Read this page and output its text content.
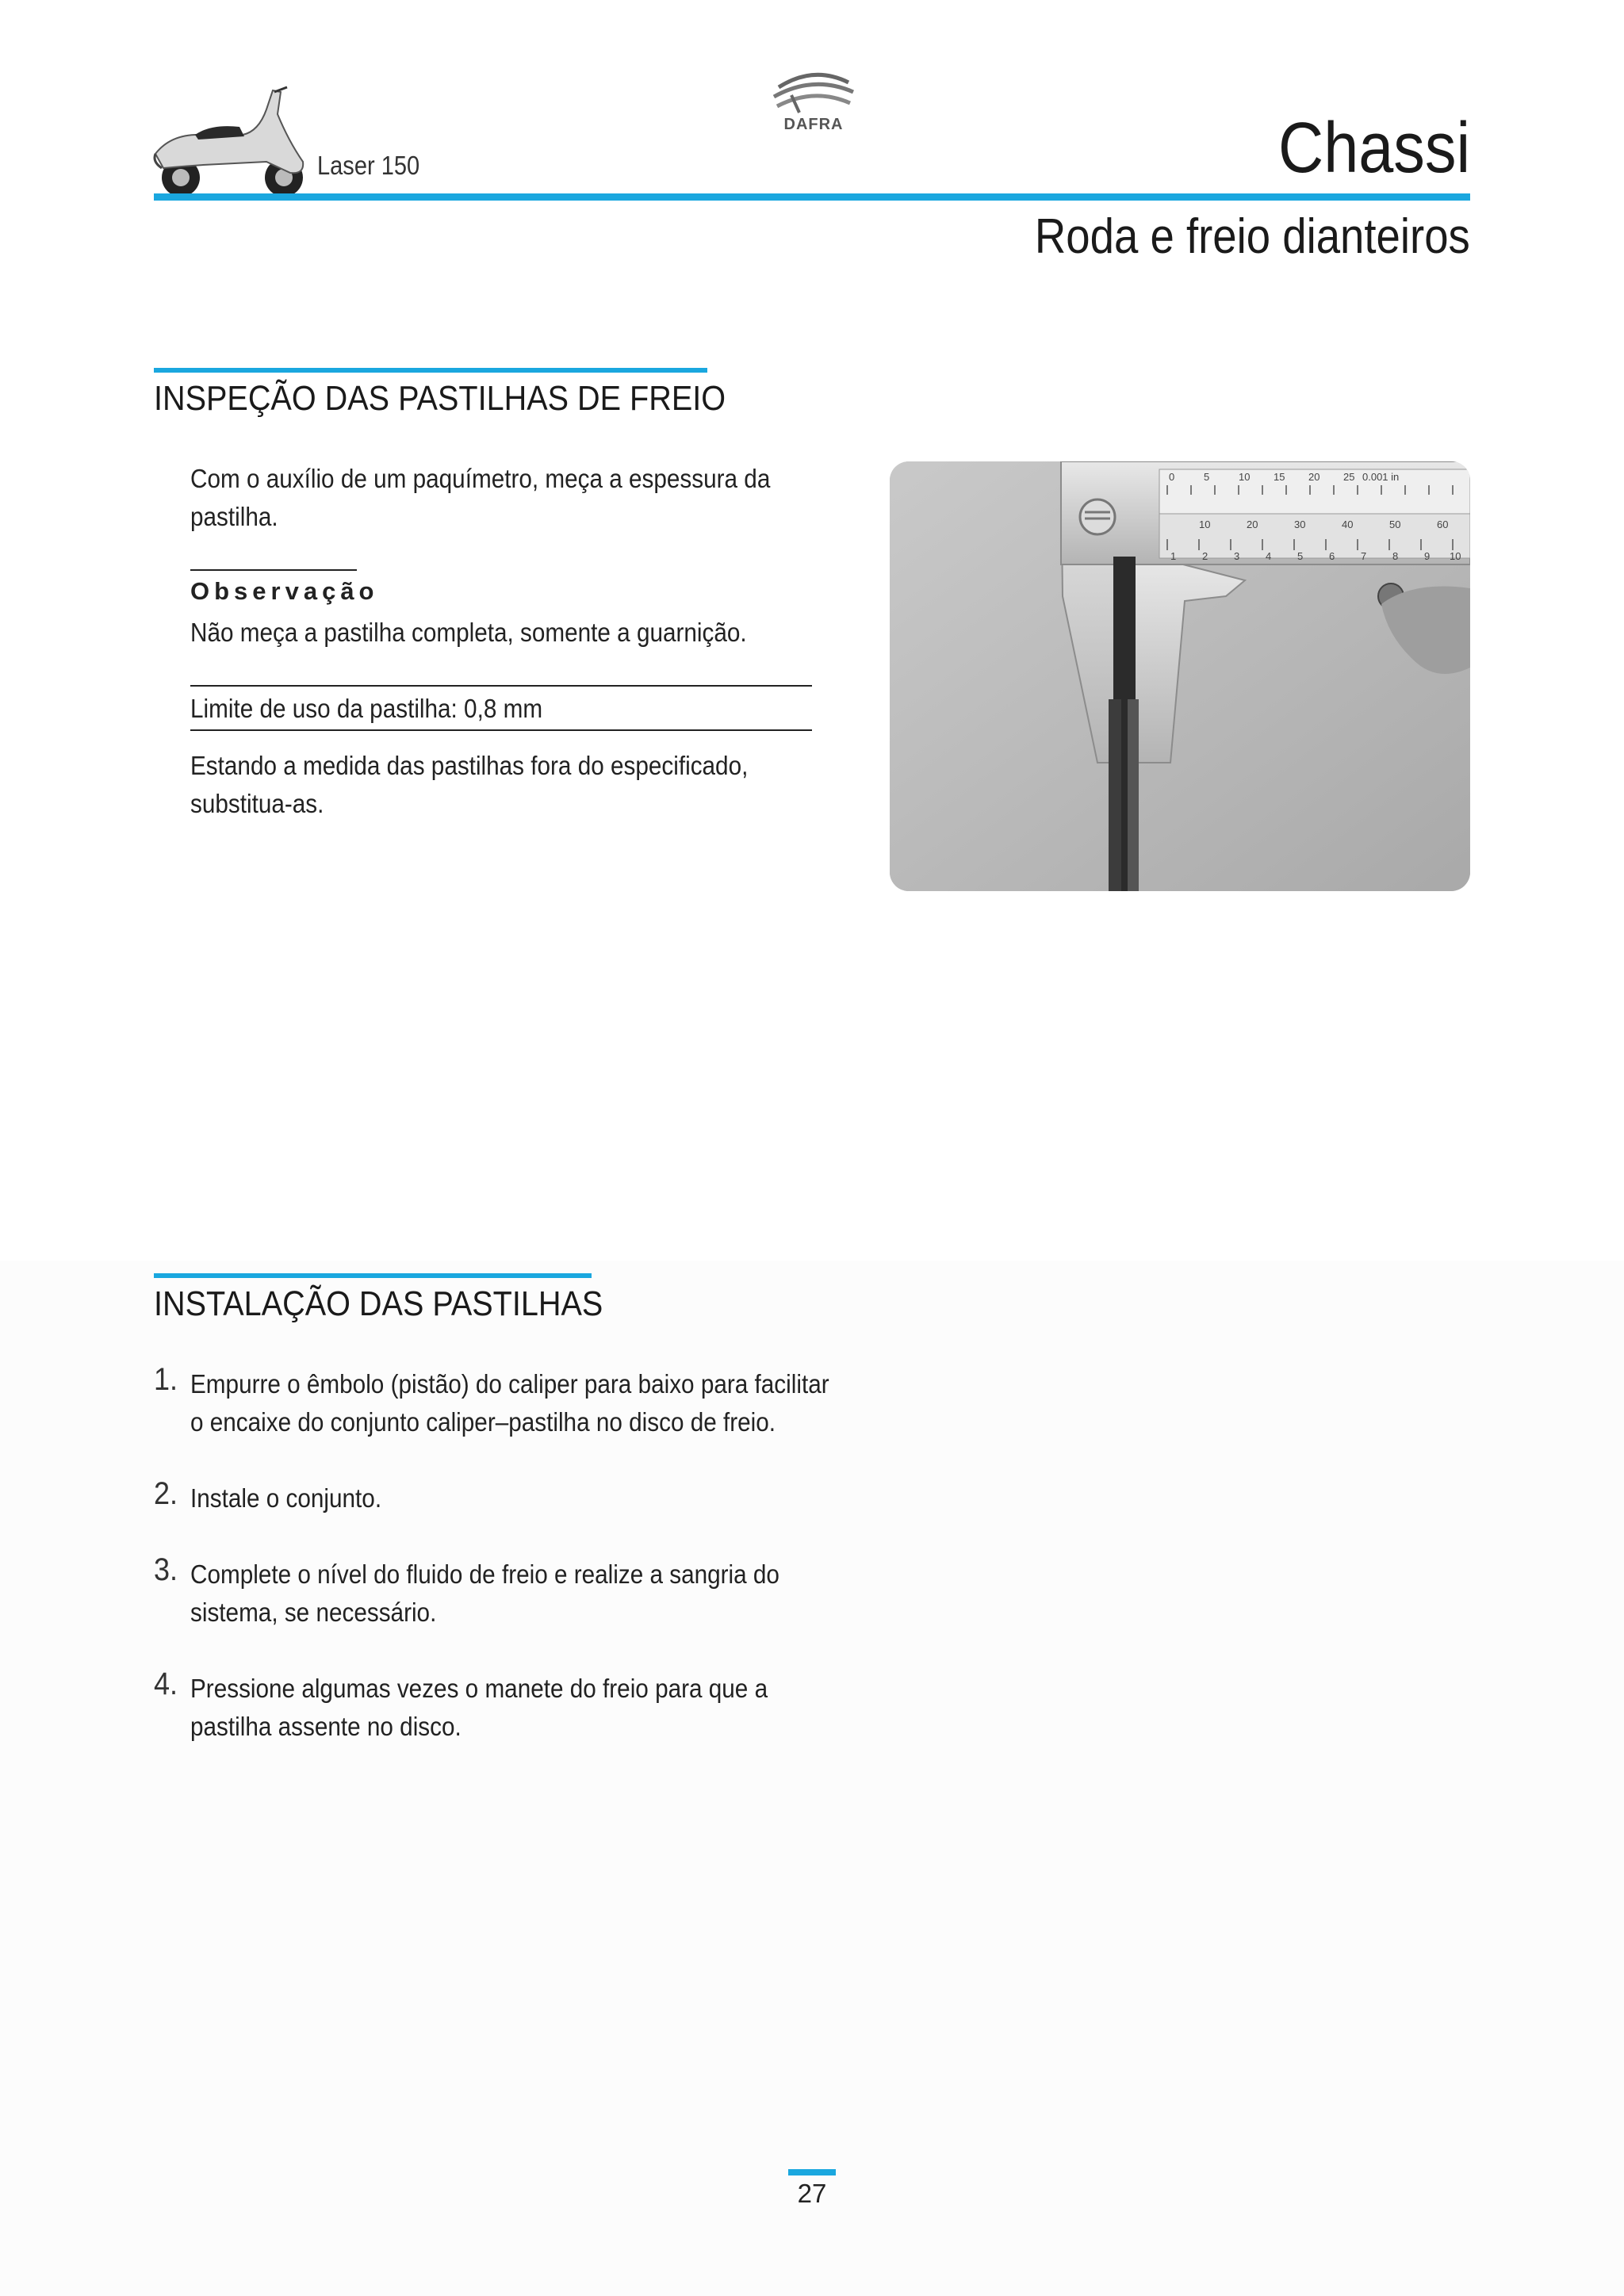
Laser 150
DAFRA	Chassi
Roda e freio dianteiros
INSPEÇÃO DAS PASTILHAS DE FREIO
Com o auxílio de um paquímetro, meça a espessura da
pastilha.
Observação
Não meça a pastilha completa, somente a guarnição.
Limite de uso da pastilha: 0,8 mm
Estando a medida das pastilhas fora do especificado,
substitua-as.
0	5	10 15 20 25 0.001 in
10	20	30	40	50	60
1	2	3	4	5	6	7	8	9 10
INSTALAÇÃO DAS PASTILHAS
1. Empurre o êmbolo (pistão) do caliper para baixo para facilitar
o encaixe do conjunto caliper–pastilha no disco de freio.
2. Instale o conjunto.
3. Complete o nível do fluido de freio e realize a sangria do
sistema, se necessário.
4. Pressione algumas vezes o manete do freio para que a
pastilha assente no disco.
27
